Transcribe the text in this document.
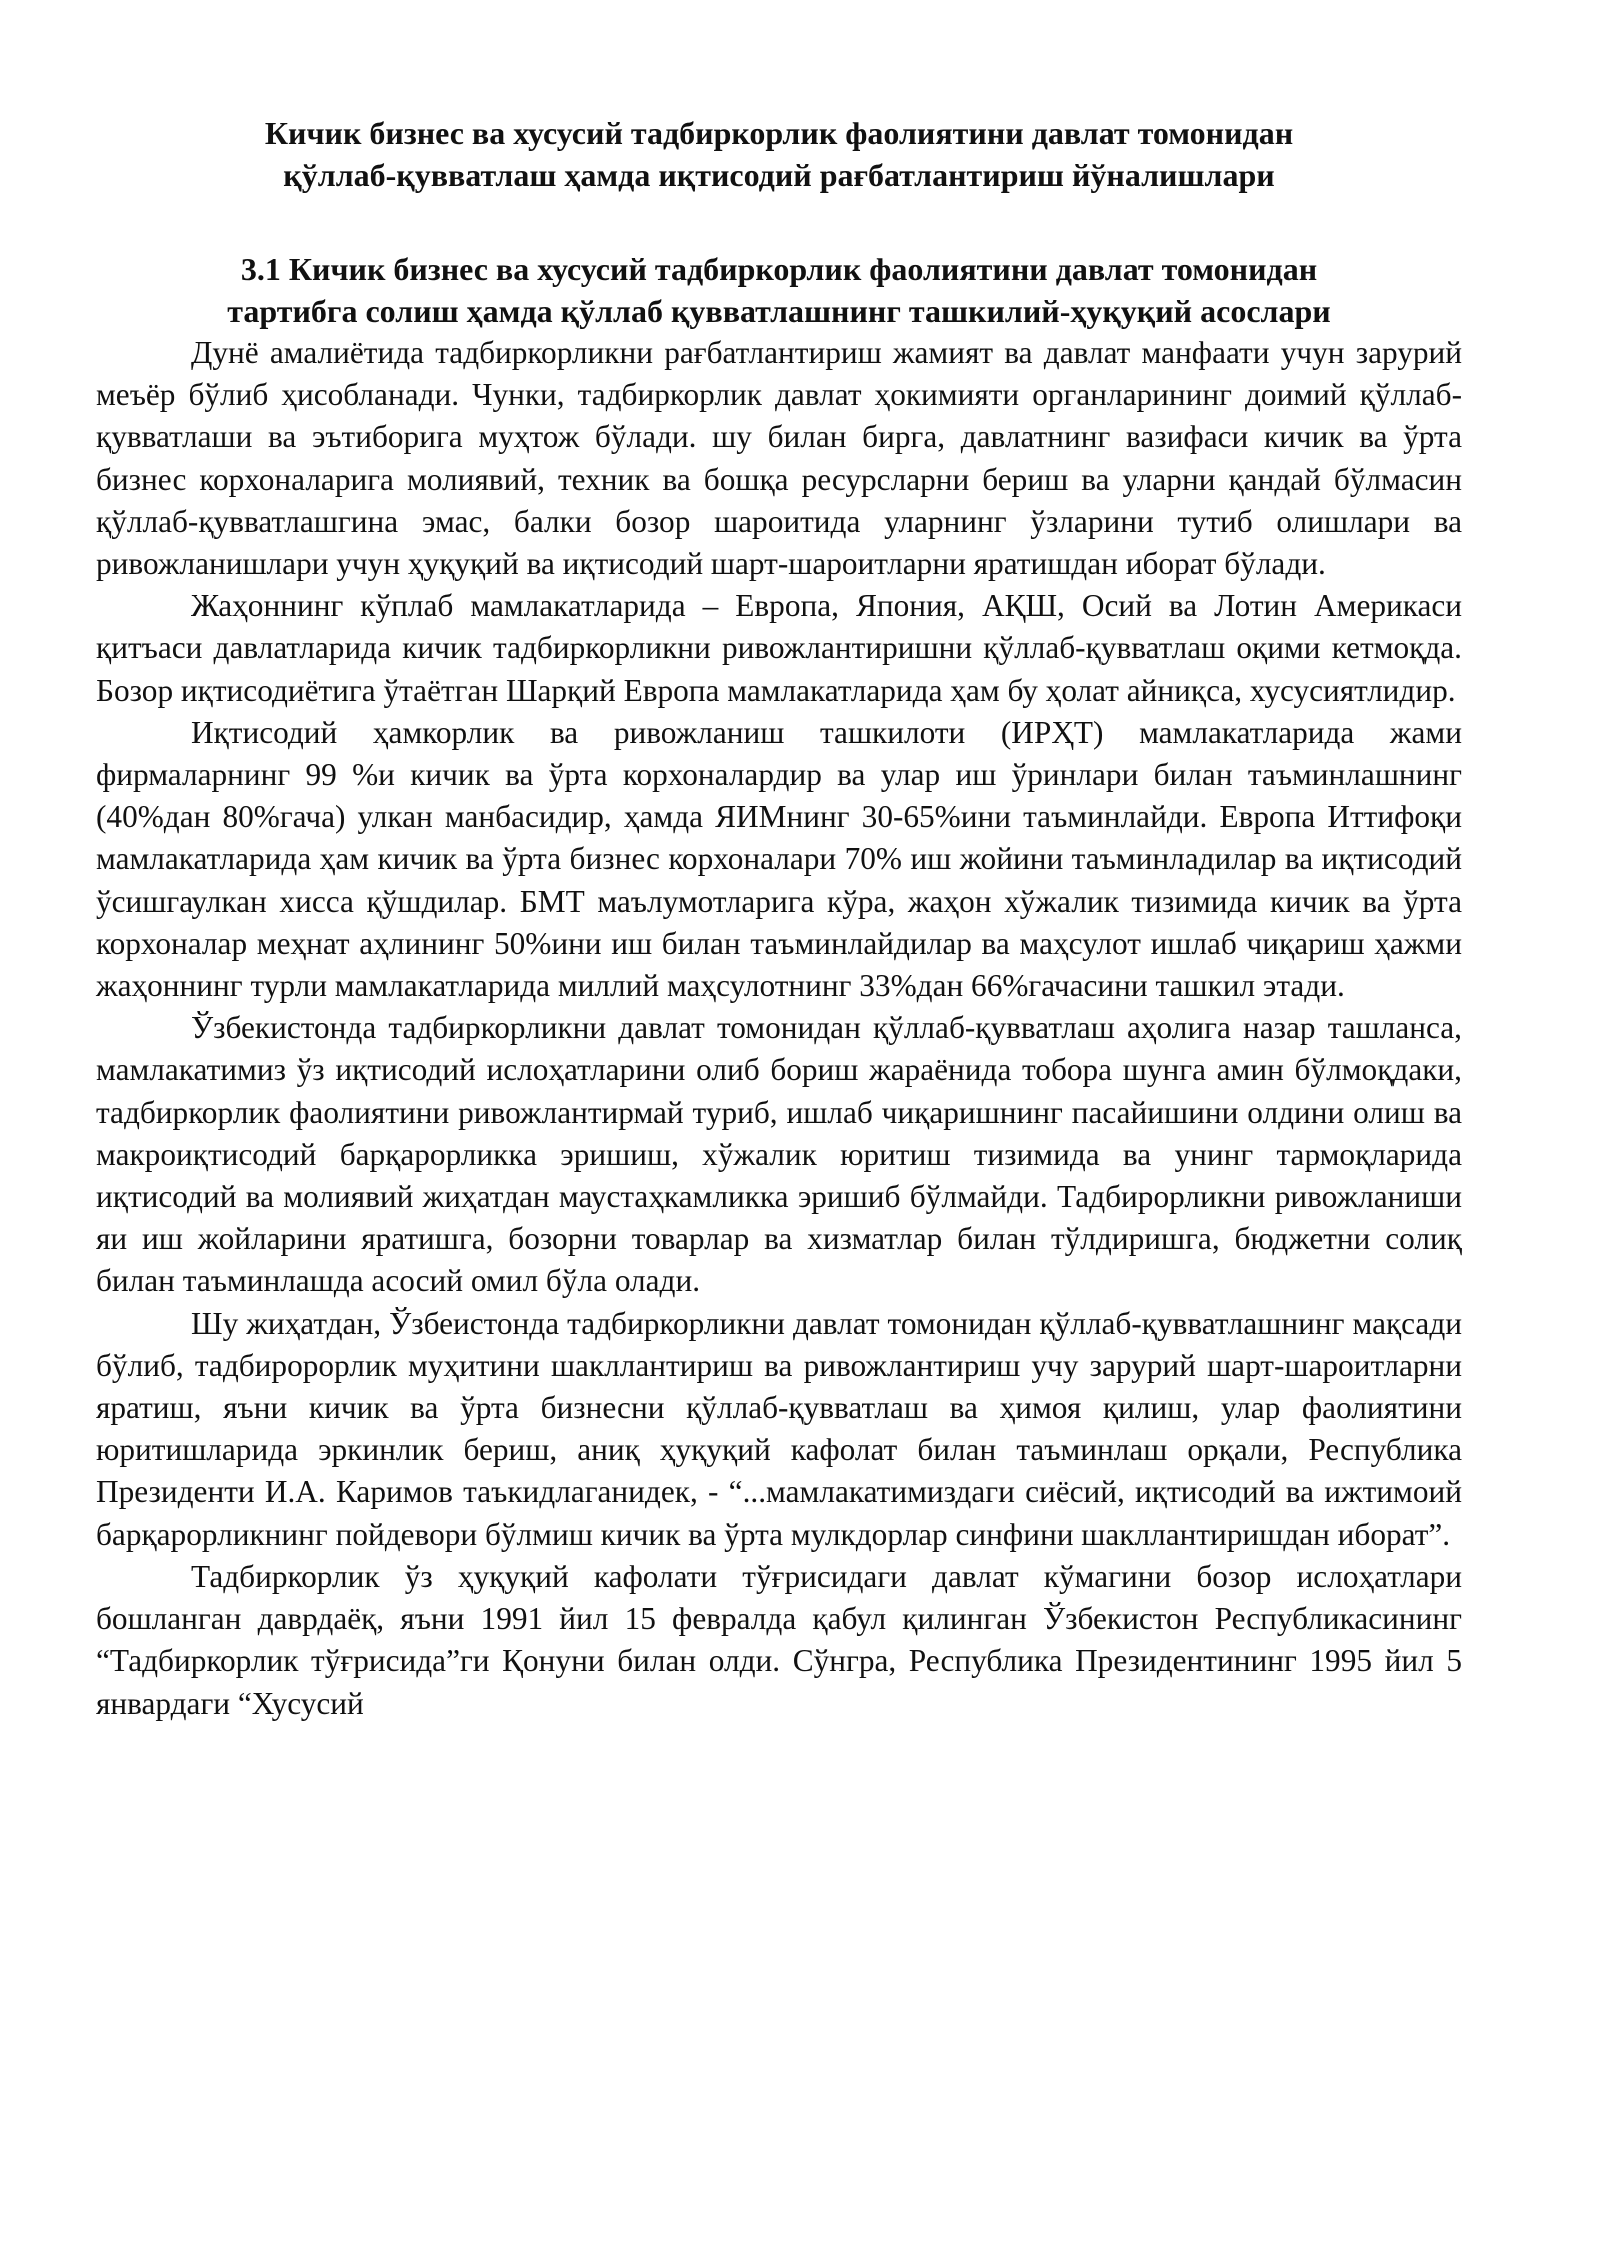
Кичик бизнес ва хусусий тадбиркорлик фаолиятини давлат томонидан
қўллаб-қувватлаш ҳамда иқтисодий рағбатлантириш йўналишлари
3.1 Кичик бизнес ва хусусий тадбиркорлик фаолиятини давлат томонидан
тартибга солиш ҳамда қўллаб қувватлашнинг ташкилий-ҳуқуқий асослари

Дунё амалиётида тадбиркорликни рағбатлантириш жамият ва давлат манфаати учун зарурий меъёр бўлиб ҳисобланади. Чунки, тадбиркорлик давлат ҳокимияти органларининг доимий қўллаб-қувватлаши ва эътиборига муҳтож бўлади. шу билан бирга, давлатнинг вазифаси кичик ва ўрта бизнес корхоналарига молиявий, техник ва бошқа ресурсларни бериш ва уларни қандай бўлмасин қўллаб-қувватлашгина эмас, балки бозор шароитида уларнинг ўзларини тутиб олишлари ва ривожланишлари учун ҳуқуқий ва иқтисодий шарт-шароитларни яратишдан иборат бўлади.

Жаҳоннинг кўплаб мамлакатларида – Европа, Япония, АҚШ, Осий ва Лотин Америкаси қитъаси давлатларида кичик тадбиркорликни ривожлантиришни қўллаб-қувватлаш оқими кетмоқда. Бозор иқтисодиётига ўтаётган Шарқий Европа мамлакатларида ҳам бу ҳолат айниқса, хусусиятлидир.

Иқтисодий ҳамкорлик ва ривожланиш ташкилоти (ИРҲТ) мамлакатларида жами фирмаларнинг 99 %и кичик ва ўрта корхоналардир ва улар иш ўринлари билан таъминлашнинг (40%дан 80%гача) улкан манбасидир, ҳамда ЯИМнинг 30-65%ини таъминлайди. Европа Иттифоқи мамлакатларида ҳам кичик ва ўрта бизнес корхоналари 70% иш жойини таъминладилар ва иқтисодий ўсишгаулкан хисса қўшдилар. БМТ маълумотларига кўра, жаҳон хўжалик тизимида кичик ва ўрта корхоналар меҳнат аҳлининг 50%ини иш билан таъминлайдилар ва маҳсулот ишлаб чиқариш ҳажми жаҳоннинг турли мамлакатларида миллий маҳсулотнинг 33%дан 66%гачасини ташкил этади.

Ўзбекистонда тадбиркорликни давлат томонидан қўллаб-қувватлаш аҳолига назар ташланса, мамлакатимиз ўз иқтисодий ислоҳатларини олиб бориш жараёнида тобора шунга амин бўлмоқдаки, тадбиркорлик фаолиятини ривожлантирмай туриб, ишлаб чиқаришнинг пасайишини олдини олиш ва макроиқтисодий барқарорликка эришиш, хўжалик юритиш тизимида ва унинг тармоқларида иқтисодий ва молиявий жиҳатдан маустаҳкамликка эришиб бўлмайди. Тадбирорликни ривожланиши яи иш жойларини яратишга, бозорни товарлар ва хизматлар билан тўлдиришга, бюджетни солиқ билан таъминлашда асосий омил бўла олади.

Шу жиҳатдан, Ўзбеистонда тадбиркорликни давлат томонидан қўллаб-қувватлашнинг мақсади бўлиб, тадбиророрлик муҳитини шакллантириш ва ривожлантириш учу зарурий шарт-шароитларни яратиш, яъни кичик ва ўрта бизнесни қўллаб-қувватлаш ва ҳимоя қилиш, улар фаолиятини юритишларида эркинлик бериш, аниқ ҳуқуқий кафолат билан таъминлаш орқали, Республика Президенти И.А. Каримов таъкидлаганидек, - “...мамлакатимиздаги сиёсий, иқтисодий ва ижтимоий барқарорликнинг пойдевори бўлмиш кичик ва ўрта мулкдорлар синфини шакллантиришдан иборат”.

Тадбиркорлик ўз ҳуқуқий кафолати тўғрисидаги давлат кўмагини бозор ислоҳатлари бошланган даврдаёқ, яъни 1991 йил 15 февралда қабул қилинган Ўзбекистон Республикасининг “Тадбиркорлик тўғрисида”ги Қонуни билан олди. Сўнгра, Республика Президентининг 1995 йил 5 январдаги “Хусусий
